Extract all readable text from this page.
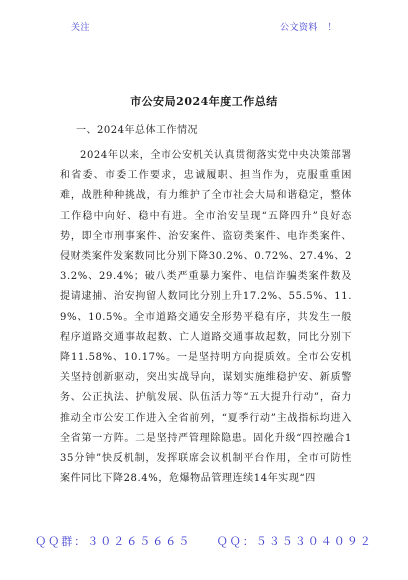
关注　　　　　　　　　　　　　　　　　　　　公文资料　！　　
市公安局2024年度工作总结
一、2024年总体工作情况

2024年以来，全市公安机关认真贯彻落实党中央决策部署和省委、市委工作要求，忠诚履职、担当作为，克服重重困难，战胜种种挑战，有力维护了全市社会大局和谐稳定，整体工作稳中向好、稳中有进。全市治安呈现“五降四升”良好态势，即全市刑事案件、治安案件、盗窃类案件、电诈类案件、侵财类案件发案数同比分别下降30.2%、0.72%、27.4%、23.2%、29.4%；破八类严重暴力案件、电信诈骗类案件数及提请逮捕、治安拘留人数同比分别上升17.2%、55.5%、11.9%、10.5%。全市道路交通安全形势平稳有序，共发生一般程序道路交通事故起数、亡人道路交通事故起数，同比分别下降11.58%、10.17%。一是坚持明方向提质效。全市公安机关坚持创新驱动，突出实战导向，谋划实施维稳护安、新质警务、公正执法、护航发展、队伍活力等“五大提升行动”，奋力推动全市公安工作进入全省前列，“夏季行动”主战指标均进入全省第一方阵。二是坚持严管理除隐患。固化升级“四控融合135分钟”快反机制，发挥联席会议机制平台作用，全市可防性案件同比下降28.4%，危爆物品管理连续14年实现“四

ＱＱ群：３０２６５６６５ ＱＱ：５３５３０４０９２
